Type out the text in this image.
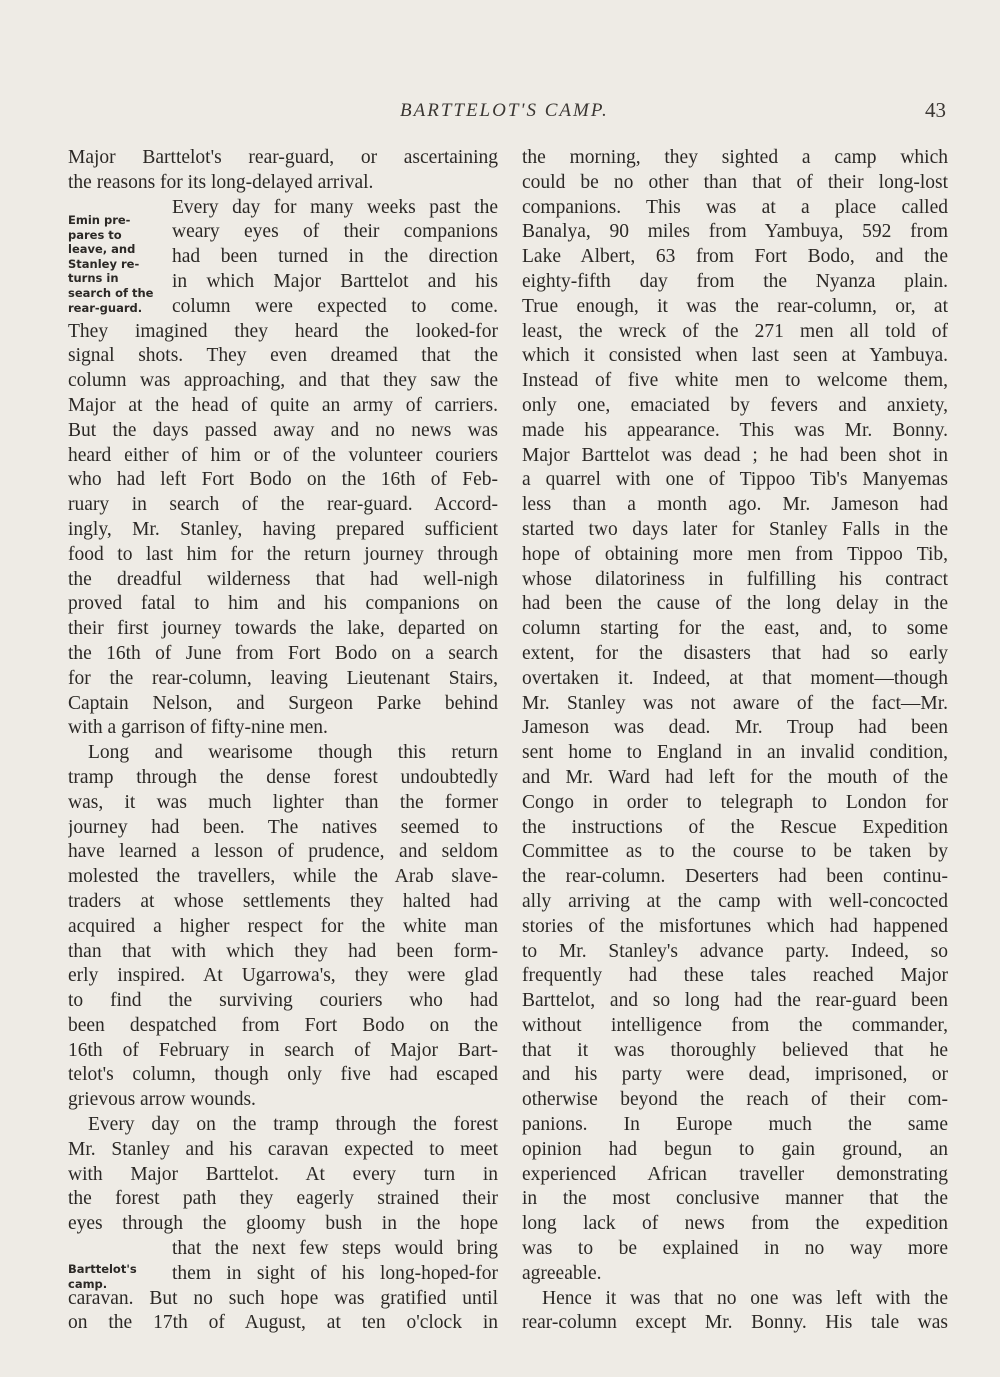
BARTTELOT'S CAMP.	43
Emin pre-
pares to
leave, and
Stanley re-
turns in
search of the
rear-guard.
Barttelot's
camp.
Major Barttelot's rear-guard, or ascertaining
the reasons for its long-delayed arrival.
Every day for many weeks past the
weary eyes of their companions
had been turned in the direction
in which Major Barttelot and his
column were expected to come.
They imagined they heard the looked-for
signal shots. They even dreamed that the
column was approaching, and that they saw the
Major at the head of quite an army of carriers.
But the days passed away and no news was
heard either of him or of the volunteer couriers
who had left Fort Bodo on the 16th of Feb-
ruary in search of the rear-guard. Accord-
ingly, Mr. Stanley, having prepared sufficient
food to last him for the return journey through
the dreadful wilderness that had well-nigh
proved fatal to him and his companions on
their first journey towards the lake, departed on
the 16th of June from Fort Bodo on a search
for the rear-column, leaving Lieutenant Stairs,
Captain Nelson, and Surgeon Parke behind
with a garrison of fifty-nine men.
Long and wearisome though this return
tramp through the dense forest undoubtedly
was, it was much lighter than the former
journey had been. The natives seemed to
have learned a lesson of prudence, and seldom
molested the travellers, while the Arab slave-
traders at whose settlements they halted had
acquired a higher respect for the white man
than that with which they had been form-
erly inspired. At Ugarrowa's, they were glad
to find the surviving couriers who had
been despatched from Fort Bodo on the
16th of February in search of Major Bart-
telot's column, though only five had escaped
grievous arrow wounds.
Every day on the tramp through the forest
Mr. Stanley and his caravan expected to meet
with Major Barttelot. At every turn in
the forest path they eagerly strained their
eyes through the gloomy bush in the hope
that the next few steps would bring
them in sight of his long-hoped-for
caravan. But no such hope was gratified until
on the 17th of August, at ten o'clock in
the morning, they sighted a camp which
could be no other than that of their long-lost
companions. This was at a place called
Banalya, 90 miles from Yambuya, 592 from
Lake Albert, 63 from Fort Bodo, and the
eighty-fifth day from the Nyanza plain.
True enough, it was the rear-column, or, at
least, the wreck of the 271 men all told of
which it consisted when last seen at Yambuya.
Instead of five white men to welcome them,
only one, emaciated by fevers and anxiety,
made his appearance. This was Mr. Bonny.
Major Barttelot was dead ; he had been shot in
a quarrel with one of Tippoo Tib's Manyemas
less than a month ago. Mr. Jameson had
started two days later for Stanley Falls in the
hope of obtaining more men from Tippoo Tib,
whose dilatoriness in fulfilling his contract
had been the cause of the long delay in the
column starting for the east, and, to some
extent, for the disasters that had so early
overtaken it. Indeed, at that moment—though
Mr. Stanley was not aware of the fact—Mr.
Jameson was dead. Mr. Troup had been
sent home to England in an invalid condition,
and Mr. Ward had left for the mouth of the
Congo in order to telegraph to London for
the instructions of the Rescue Expedition
Committee as to the course to be taken by
the rear-column. Deserters had been continu-
ally arriving at the camp with well-concocted
stories of the misfortunes which had happened
to Mr. Stanley's advance party. Indeed, so
frequently had these tales reached Major
Barttelot, and so long had the rear-guard been
without intelligence from the commander,
that it was thoroughly believed that he
and his party were dead, imprisoned, or
otherwise beyond the reach of their com-
panions. In Europe much the same
opinion had begun to gain ground, an
experienced African traveller demonstrating
in the most conclusive manner that the
long lack of news from the expedition
was to be explained in no way more
agreeable.
Hence it was that no one was left with the
rear-column except Mr. Bonny. His tale was
